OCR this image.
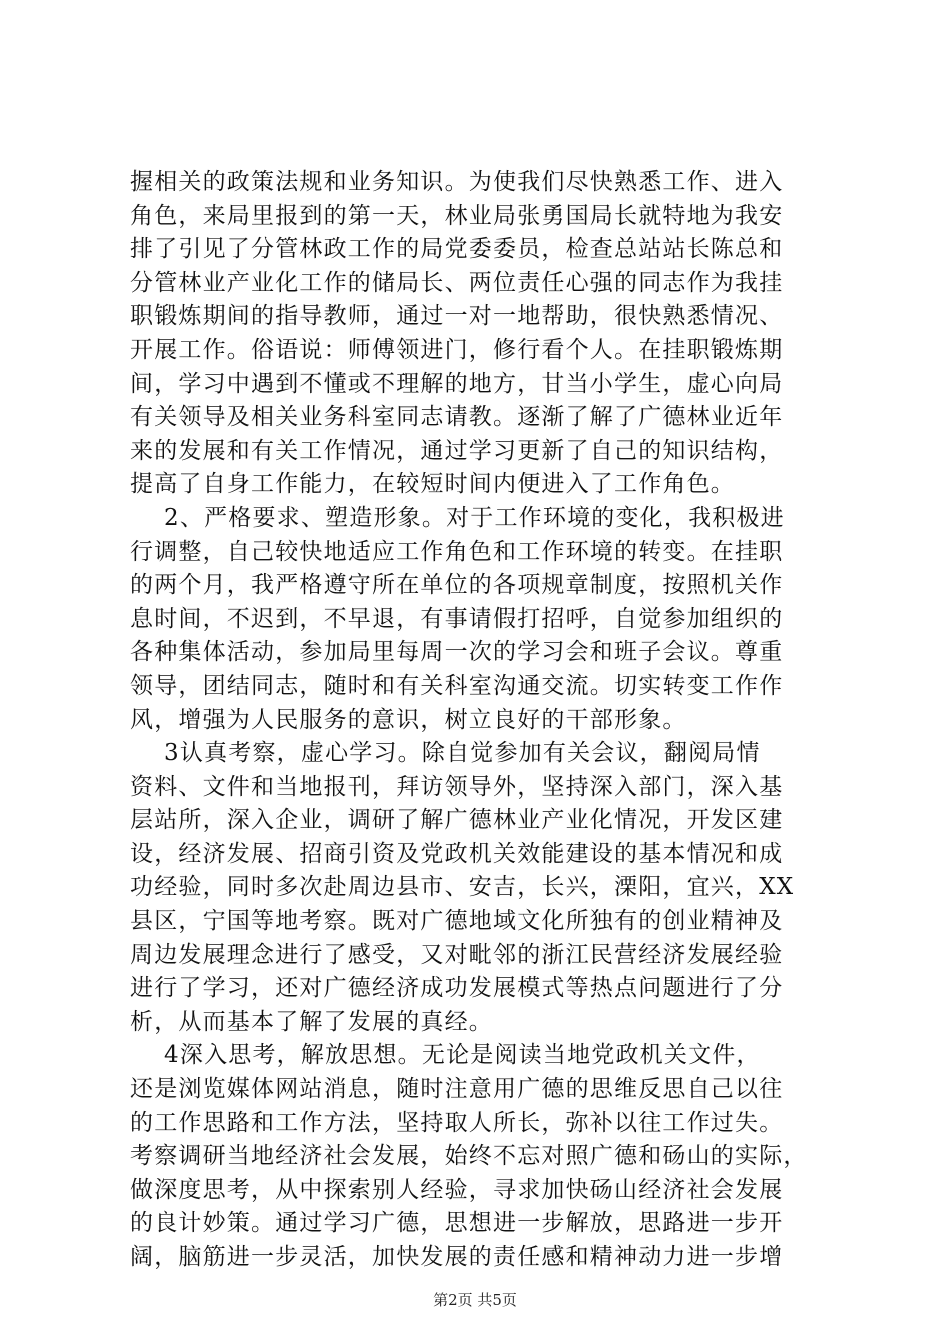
握相关的政策法规和业务知识。为使我们尽快熟悉工作、进入
角色，来局里报到的第一天，林业局张勇国局长就特地为我安
排了引见了分管林政工作的局党委委员，检查总站站长陈总和
分管林业产业化工作的储局长、两位责任心强的同志作为我挂
职锻炼期间的指导教师，通过一对一地帮助，很快熟悉情况、
开展工作。俗语说：师傅领进门，修行看个人。在挂职锻炼期
间，学习中遇到不懂或不理解的地方，甘当小学生，虚心向局
有关领导及相关业务科室同志请教。逐渐了解了广德林业近年
来的发展和有关工作情况，通过学习更新了自己的知识结构，
提高了自身工作能力，在较短时间内便进入了工作角色。
2、严格要求、塑造形象。对于工作环境的变化，我积极进
行调整，自己较快地适应工作角色和工作环境的转变。在挂职
的两个月，我严格遵守所在单位的各项规章制度，按照机关作
息时间，不迟到，不早退，有事请假打招呼，自觉参加组织的
各种集体活动，参加局里每周一次的学习会和班子会议。尊重
领导，团结同志，随时和有关科室沟通交流。切实转变工作作
风，增强为人民服务的意识，树立良好的干部形象。
3认真考察，虚心学习。除自觉参加有关会议，翻阅局情
资料、文件和当地报刊，拜访领导外，坚持深入部门，深入基
层站所，深入企业，调研了解广德林业产业化情况，开发区建
设，经济发展、招商引资及党政机关效能建设的基本情况和成
功经验，同时多次赴周边县市、安吉，长兴，溧阳，宜兴，XX
县区，宁国等地考察。既对广德地域文化所独有的创业精神及
周边发展理念进行了感受，又对毗邻的浙江民营经济发展经验
进行了学习，还对广德经济成功发展模式等热点问题进行了分
析，从而基本了解了发展的真经。
4深入思考，解放思想。无论是阅读当地党政机关文件，
还是浏览媒体网站消息，随时注意用广德的思维反思自己以往
的工作思路和工作方法，坚持取人所长，弥补以往工作过失。
考察调研当地经济社会发展，始终不忘对照广德和砀山的实际，
做深度思考，从中探索别人经验，寻求加快砀山经济社会发展
的良计妙策。通过学习广德，思想进一步解放，思路进一步开
阔，脑筋进一步灵活，加快发展的责任感和精神动力进一步增
第2页 共5页
